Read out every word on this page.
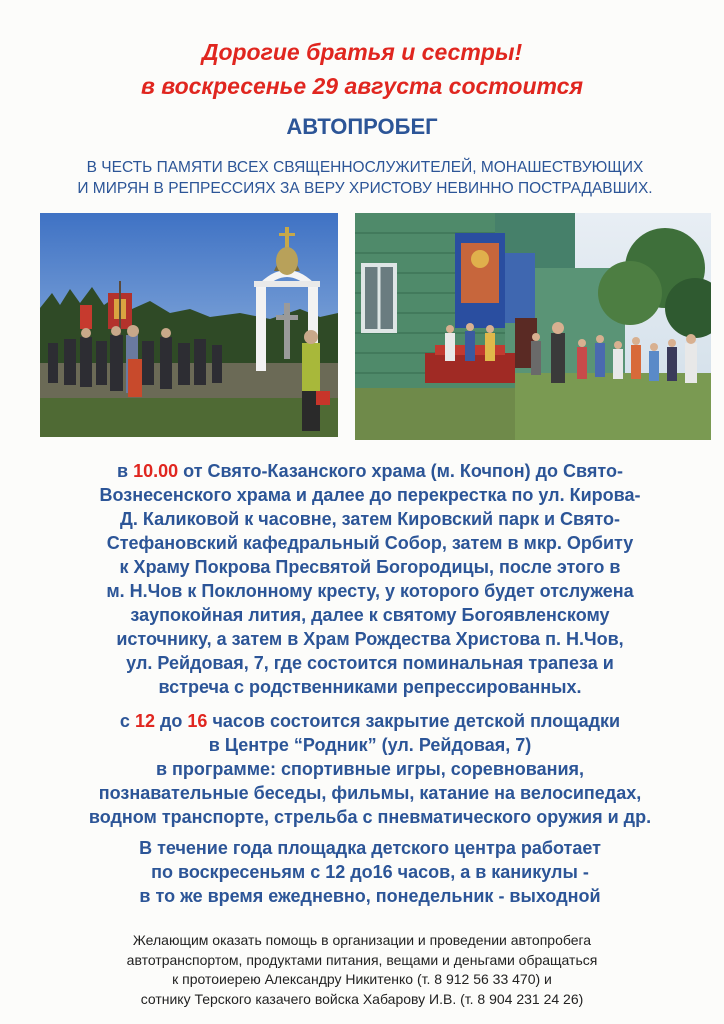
Дорогие братья и сестры!

в воскресенье 29 августа состоится

АВТОПРОБЕГ

В ЧЕСТЬ ПАМЯТИ ВСЕХ СВЯЩЕННОСЛУЖИТЕЛЕЙ, МОНАШЕСТВУЮЩИХ
И МИРЯН В РЕПРЕССИЯХ ЗА ВЕРУ ХРИСТОВУ НЕВИННО ПОСТРАДАВШИХ.

в 10.00 от Свято-Казанского храма (м. Кочпон) до Свято-
Вознесенского храма и далее до перекрестка по ул. Кирова-
Д. Каликовой к часовне, затем Кировский парк и Свято-
Стефановский кафедральный Собор, затем в мкр. Орбиту
к Храму Покрова Пресвятой Богородицы, после этого в
м. Н.Чов к Поклонному кресту, у которого будет отслужена
заупокойная лития, далее к святому Богоявленскому
источнику, а затем в Храм Рождества Христова п. Н.Чов,
ул. Рейдовая, 7, где состоится поминальная трапеза и
встреча с родственниками репрессированных.

с 12 до 16 часов состоится закрытие детской площадки
в Центре “Родник” (ул. Рейдовая, 7)
в программе: спортивные игры, соревнования,
познавательные беседы, фильмы, катание на велосипедах,
водном транспорте, стрельба с пневматического оружия и др.

В течение года площадка детского центра работает
по воскресеньям с 12 до16 часов, а в каникулы -
в то же время ежедневно, понедельник - выходной

Желающим оказать помощь в организации и проведении автопробега
автотранспортом, продуктами питания, вещами и деньгами обращаться
к протоиерею Александру Никитенко (т. 8 912 56 33 470) и
сотнику Терского казачего войска Хабарову И.В. (т. 8 904 231 24 26)
